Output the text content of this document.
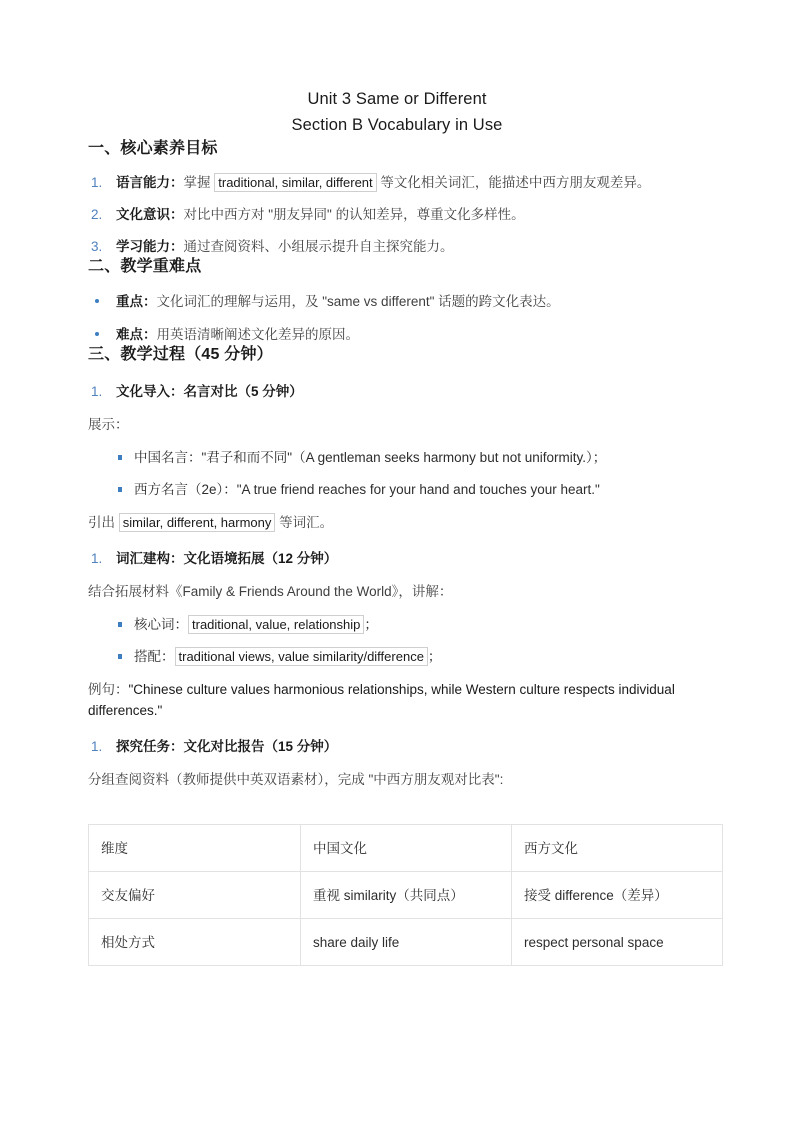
Unit 3 Same or Different
Section B Vocabulary in Use
一、核心素养目标
1. 语言能力：掌握 traditional, similar, different 等文化相关词汇，能描述中西方朋友观差异。
2. 文化意识：对比中西方对 "朋友异同" 的认知差异，尊重文化多样性。
3. 学习能力：通过查阅资料、小组展示提升自主探究能力。
二、教学重难点
重点：文化词汇的理解与运用，及 "same vs different" 话题的跨文化表达。
难点：用英语清晰阐述文化差异的原因。
三、教学过程（45 分钟）

1. 文化导入：名言对比（5 分钟）

展示：

中国名言："君子和而不同"（A gentleman seeks harmony but not uniformity.）；
西方名言（2e）："A true friend reaches for your hand and touches your heart."

引出 similar, different, harmony 等词汇。

1. 词汇建构：文化语境拓展（12 分钟）

结合拓展材料《Family & Friends Around the World》，讲解：

核心词： traditional, value, relationship ；
搭配： traditional views, value similarity/difference ；

例句："Chinese culture values harmonious relationships, while Western culture respects individual differences."

1. 探究任务：文化对比报告（15 分钟）

分组查阅资料（教师提供中英双语素材），完成 "中西方朋友观对比表":

维度	中国文化	西方文化
交友偏好	重视 similarity（共同点）	接受 difference（差异）
相处方式	share daily life	respect personal space
